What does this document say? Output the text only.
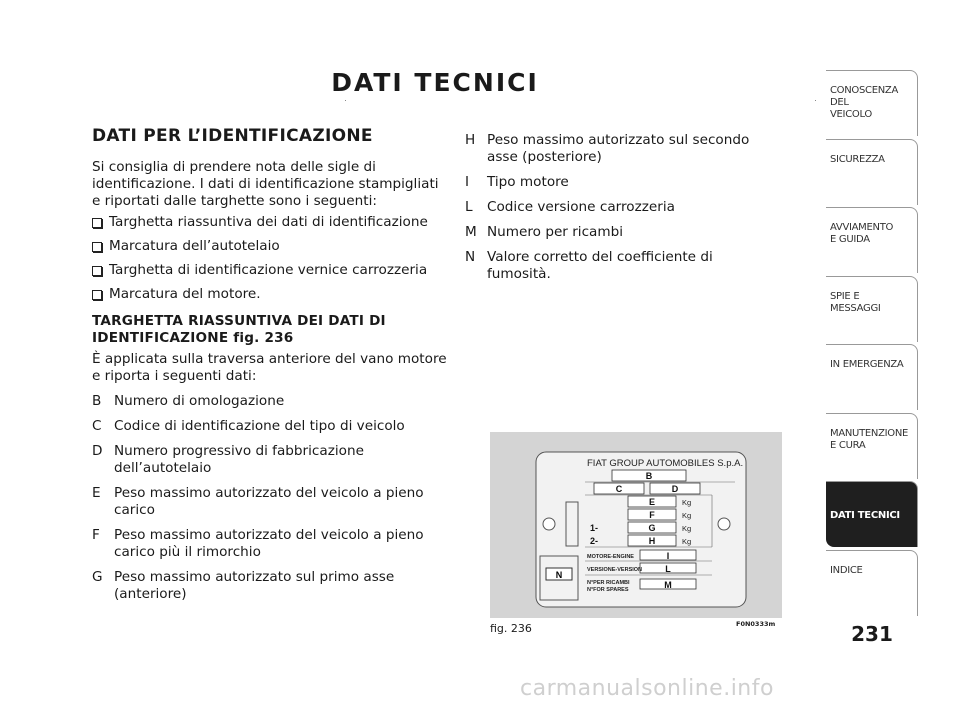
DATI TECNICI
DATI PER L’IDENTIFICAZIONE

Si consiglia di prendere nota delle sigle di identificazione. I dati di identificazione stampigliati e riportati dalle targhette sono i seguenti:

Targhetta riassuntiva dei dati di identificazione
Marcatura dell’autotelaio
Targhetta di identificazione vernice carrozzeria
Marcatura del motore.
TARGHETTA RIASSUNTIVA DEI DATI DI IDENTIFICAZIONE fig. 236

È applicata sulla traversa anteriore del vano motore e riporta i seguenti dati:

B Numero di omologazione
C Codice di identificazione del tipo di veicolo
D Numero progressivo di fabbricazione dell’autotelaio
E Peso massimo autorizzato del veicolo a pieno carico
F	Peso massimo autorizzato del veicolo a pieno carico più il rimorchio
G Peso massimo autorizzato sul primo asse (anteriore)
H Peso massimo autorizzato sul secondo asse (posteriore)
I	Tipo motore
L	Codice versione carrozzeria
M Numero per ricambi
N Valore corretto del coefficiente di fumosità.
N
FIAT GROUP AUTOMOBILES S.p.A.
B
C	D
E
F
G
H
I
L
M
Kg
Kg
Kg
Kg
1-
2-
MOTORE-ENGINE
VERSIONE-VERSION
N°PER RICAMBI
N°FOR SPARES
fig. 236	F0N0333m
CONOSCENZA
DEL
VEICOLO
SICUREZZA
AVVIAMENTO
E GUIDA
SPIE E
MESSAGGI
IN EMERGENZA
MANUTENZIONE
E CURA
DATI TECNICI
INDICE
231
carmanualsonline.info
